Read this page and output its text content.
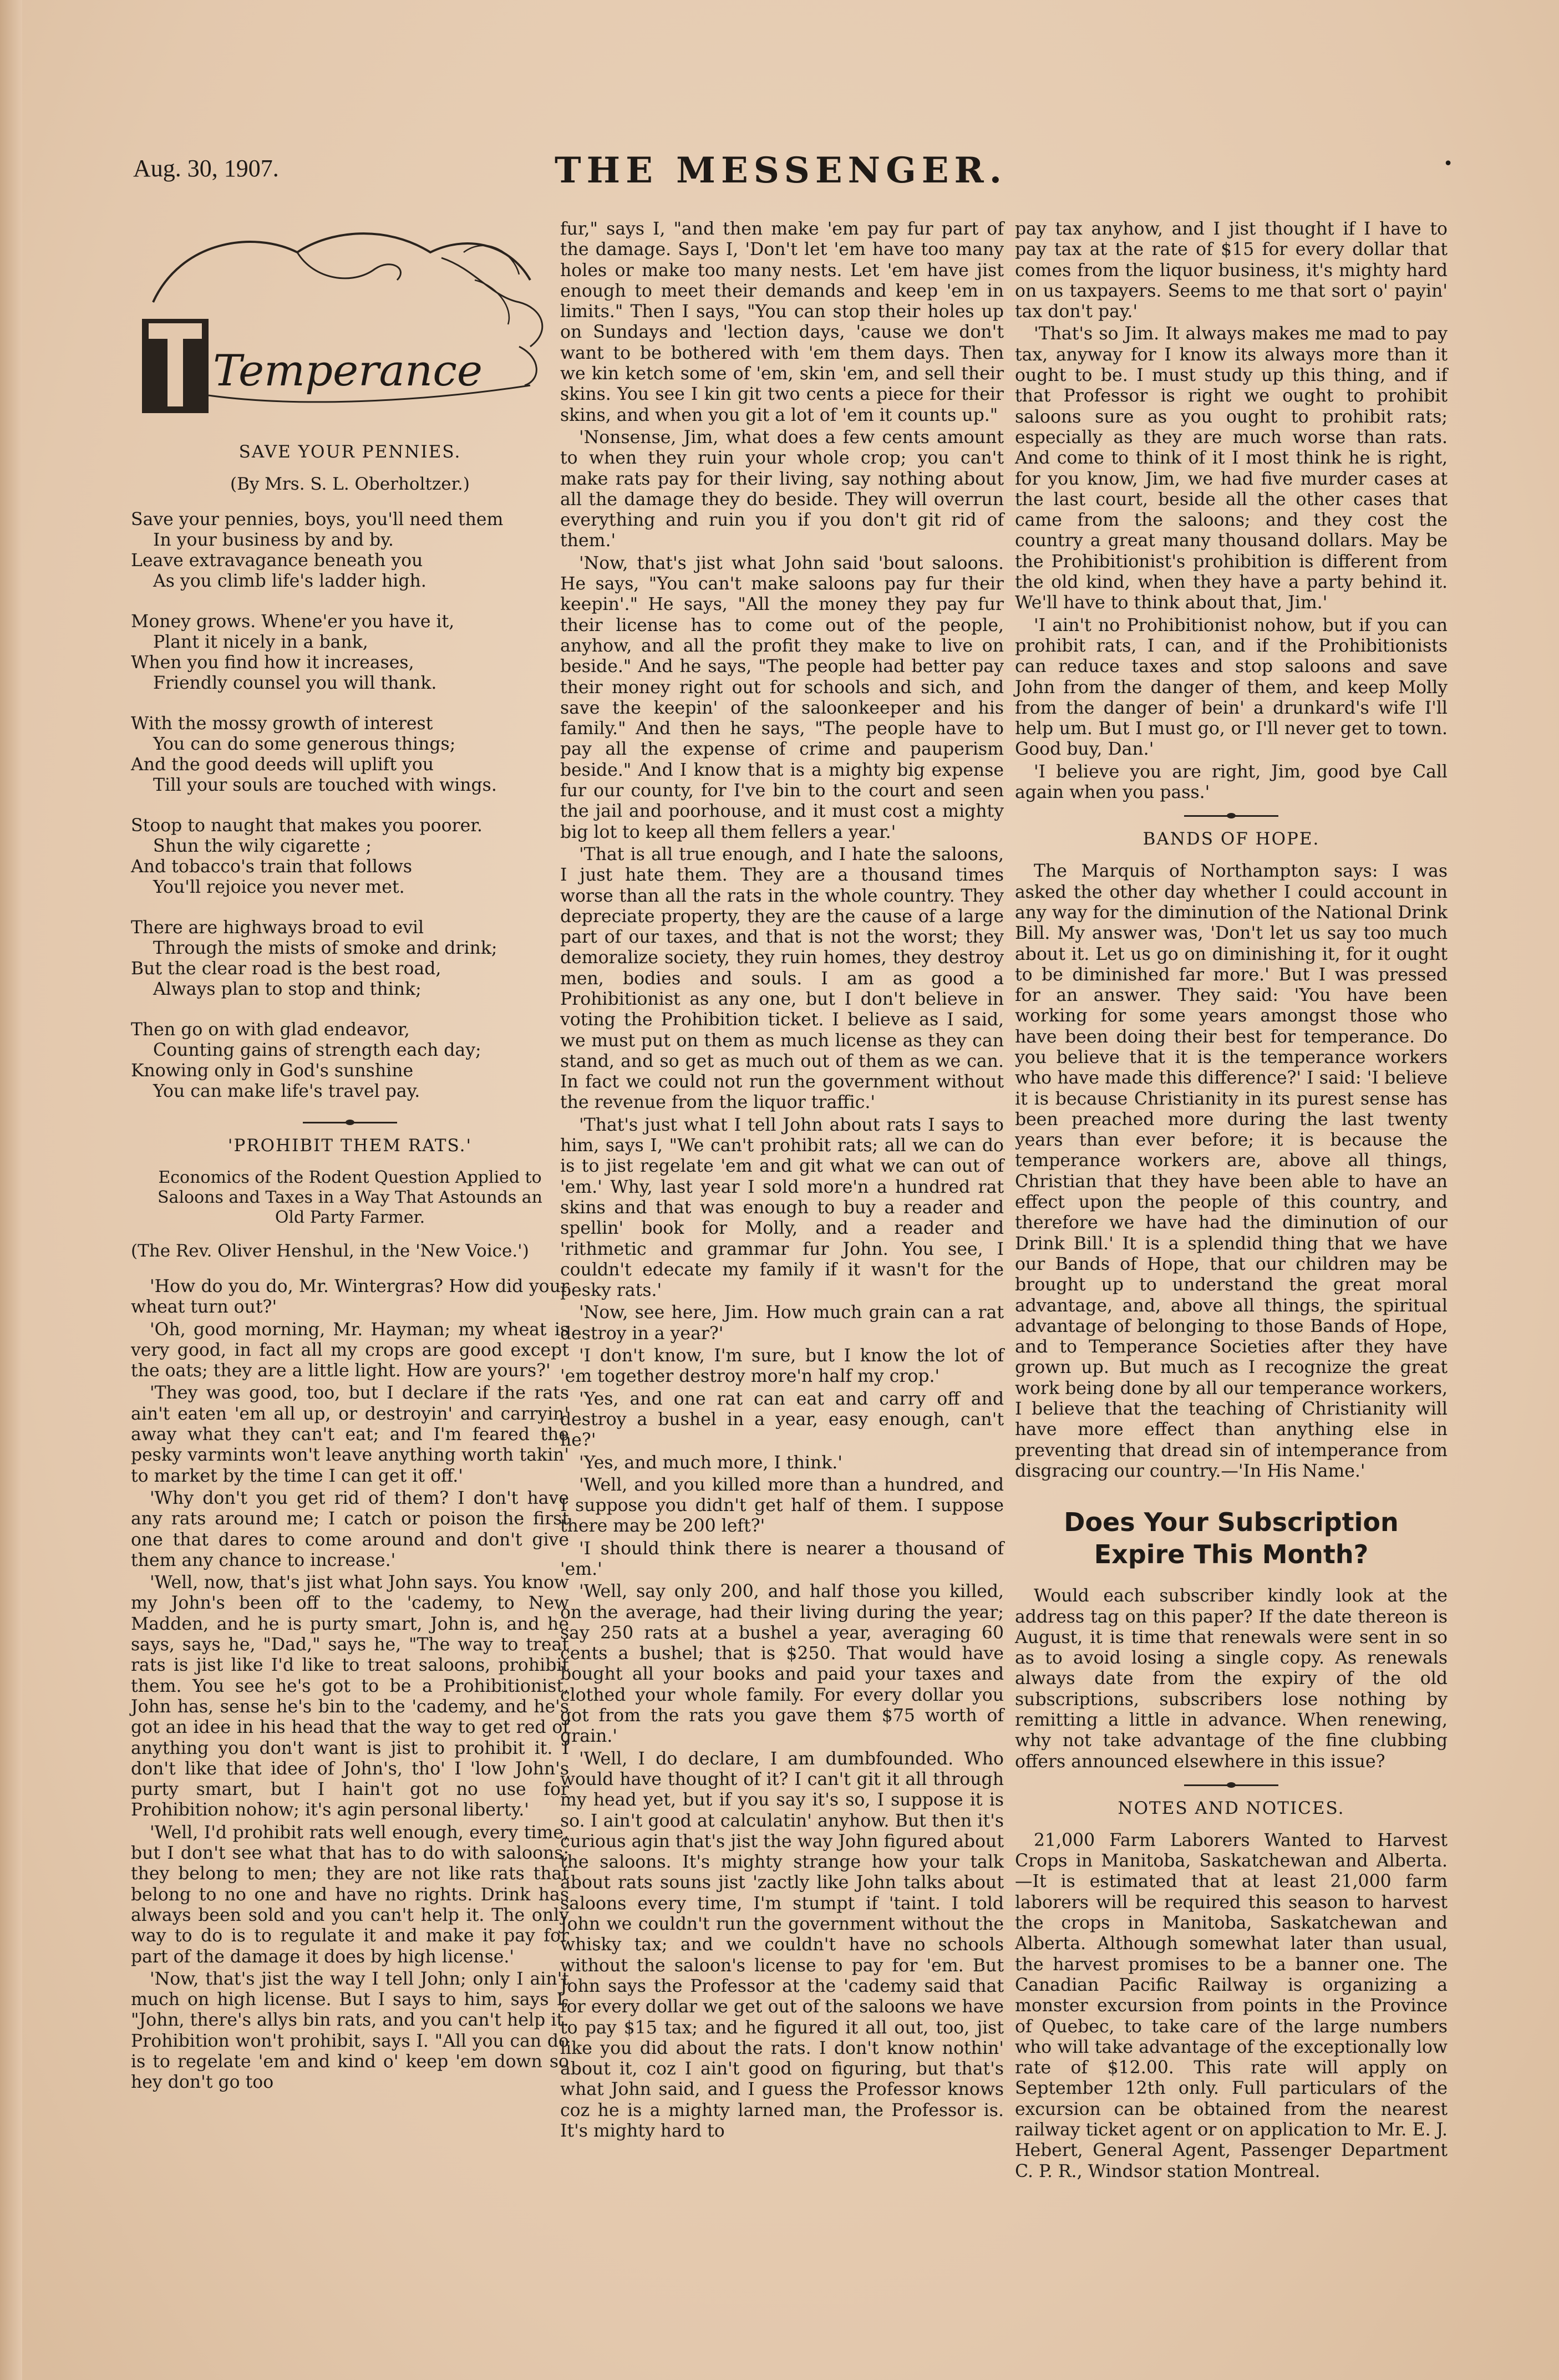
Aug. 30, 1907.	THE MESSENGER.	•
Temperance
SAVE YOUR PENNIES.
(By Mrs. S. L. Oberholtzer.)
Save your pennies, boys, you'll need them
In your business by and by.
Leave extravagance beneath you
As you climb life's ladder high.
Money grows. Whene'er you have it,
Plant it nicely in a bank,
When you find how it increases,
Friendly counsel you will thank.
With the mossy growth of interest
You can do some generous things;
And the good deeds will uplift you
Till your souls are touched with wings.
Stoop to naught that makes you poorer.
Shun the wily cigarette ;
And tobacco's train that follows
You'll rejoice you never met.
There are highways broad to evil
Through the mists of smoke and drink;
But the clear road is the best road,
Always plan to stop and think;
Then go on with glad endeavor,
Counting gains of strength each day;
Knowing only in God's sunshine
You can make life's travel pay.
'PROHIBIT THEM RATS.'
Economics of the Rodent Question Applied to Saloons and Taxes in a Way That Astounds an Old Party Farmer.
(The Rev. Oliver Henshul, in the 'New Voice.')

'How do you do, Mr. Wintergras? How did your wheat turn out?'

'Oh, good morning, Mr. Hayman; my wheat is very good, in fact all my crops are good except the oats; they are a little light. How are yours?'

'They was good, too, but I declare if the rats ain't eaten 'em all up, or destroyin' and carryin' away what they can't eat; and I'm feared the pesky varmints won't leave anything worth takin' to market by the time I can get it off.'

'Why don't you get rid of them? I don't have any rats around me; I catch or poison the first one that dares to come around and don't give them any chance to increase.'

'Well, now, that's jist what John says. You know my John's been off to the 'cademy, to New Madden, and he is purty smart, John is, and he says, says he, "Dad," says he, "The way to treat rats is jist like I'd like to treat saloons, prohibit them. You see he's got to be a Prohibitionist, John has, sense he's bin to the 'cademy, and he's got an idee in his head that the way to get red of anything you don't want is jist to prohibit it. I don't like that idee of John's, tho' I 'low John's purty smart, but I hain't got no use for Prohibition nohow; it's agin personal liberty.'

'Well, I'd prohibit rats well enough, every time, but I don't see what that has to do with saloons; they belong to men; they are not like rats that belong to no one and have no rights. Drink has always been sold and you can't help it. The only way to do is to regulate it and make it pay for part of the damage it does by high license.'

'Now, that's jist the way I tell John; only I ain't much on high license. But I says to him, says I, "John, there's allys bin rats, and you can't help it. Prohibition won't prohibit, says I. "All you can do is to regelate 'em and kind o' keep 'em down so hey don't go too

fur," says I, "and then make 'em pay fur part of the damage. Says I, 'Don't let 'em have too many holes or make too many nests. Let 'em have jist enough to meet their demands and keep 'em in limits." Then I says, "You can stop their holes up on Sundays and 'lection days, 'cause we don't want to be bothered with 'em them days. Then we kin ketch some of 'em, skin 'em, and sell their skins. You see I kin git two cents a piece for their skins, and when you git a lot of 'em it counts up."

'Nonsense, Jim, what does a few cents amount to when they ruin your whole crop; you can't make rats pay for their living, say nothing about all the damage they do beside. They will overrun everything and ruin you if you don't git rid of them.'

'Now, that's jist what John said 'bout saloons. He says, "You can't make saloons pay fur their keepin'." He says, "All the money they pay fur their license has to come out of the people, anyhow, and all the profit they make to live on beside." And he says, "The people had better pay their money right out for schools and sich, and save the keepin' of the saloonkeeper and his family." And then he says, "The people have to pay all the expense of crime and pauperism beside." And I know that is a mighty big expense fur our county, for I've bin to the court and seen the jail and poorhouse, and it must cost a mighty big lot to keep all them fellers a year.'

'That is all true enough, and I hate the saloons, I just hate them. They are a thousand times worse than all the rats in the whole country. They depreciate property, they are the cause of a large part of our taxes, and that is not the worst; they demoralize society, they ruin homes, they destroy men, bodies and souls. I am as good a Prohibitionist as any one, but I don't believe in voting the Prohibition ticket. I believe as I said, we must put on them as much license as they can stand, and so get as much out of them as we can. In fact we could not run the government without the revenue from the liquor traffic.'

'That's just what I tell John about rats I says to him, says I, "We can't prohibit rats; all we can do is to jist regelate 'em and git what we can out of 'em.' Why, last year I sold more'n a hundred rat skins and that was enough to buy a reader and spellin' book for Molly, and a reader and 'rithmetic and grammar fur John. You see, I couldn't edecate my family if it wasn't for the pesky rats.'

'Now, see here, Jim. How much grain can a rat destroy in a year?'

'I don't know, I'm sure, but I know the lot of 'em together destroy more'n half my crop.'

'Yes, and one rat can eat and carry off and destroy a bushel in a year, easy enough, can't he?'

'Yes, and much more, I think.'

'Well, and you killed more than a hundred, and I suppose you didn't get half of them. I suppose there may be 200 left?'

'I should think there is nearer a thousand of 'em.'

'Well, say only 200, and half those you killed, on the average, had their living during the year; say 250 rats at a bushel a year, averaging 60 cents a bushel; that is $250. That would have bought all your books and paid your taxes and clothed your whole family. For every dollar you got from the rats you gave them $75 worth of grain.'

'Well, I do declare, I am dumbfounded. Who would have thought of it? I can't git it all through my head yet, but if you say it's so, I suppose it is so. I ain't good at calculatin' anyhow. But then it's curious agin that's jist the way John figured about the saloons. It's mighty strange how your talk about rats souns jist 'zactly like John talks about saloons every time, I'm stumpt if 'taint. I told John we couldn't run the government without the whisky tax; and we couldn't have no schools without the saloon's license to pay for 'em. But John says the Professor at the 'cademy said that for every dollar we get out of the saloons we have to pay $15 tax; and he figured it all out, too, jist like you did about the rats. I don't know nothin' about it, coz I ain't good on figuring, but that's what John said, and I guess the Professor knows coz he is a mighty larned man, the Professor is. It's mighty hard to

pay tax anyhow, and I jist thought if I have to pay tax at the rate of $15 for every dollar that comes from the liquor business, it's mighty hard on us taxpayers. Seems to me that sort o' payin' tax don't pay.'

'That's so Jim. It always makes me mad to pay tax, anyway for I know its always more than it ought to be. I must study up this thing, and if that Professor is right we ought to prohibit saloons sure as you ought to prohibit rats; especially as they are much worse than rats. And come to think of it I most think he is right, for you know, Jim, we had five murder cases at the last court, beside all the other cases that came from the saloons; and they cost the country a great many thousand dollars. May be the Prohibitionist's prohibition is different from the old kind, when they have a party behind it. We'll have to think about that, Jim.'

'I ain't no Prohibitionist nohow, but if you can prohibit rats, I can, and if the Prohibitionists can reduce taxes and stop saloons and save John from the danger of them, and keep Molly from the danger of bein' a drunkard's wife I'll help um. But I must go, or I'll never get to town. Good buy, Dan.'

'I believe you are right, Jim, good bye Call again when you pass.'

BANDS OF HOPE.

The Marquis of Northampton says: I was asked the other day whether I could account in any way for the diminution of the National Drink Bill. My answer was, 'Don't let us say too much about it. Let us go on diminishing it, for it ought to be diminished far more.' But I was pressed for an answer. They said: 'You have been working for some years amongst those who have been doing their best for temperance. Do you believe that it is the temperance workers who have made this difference?' I said: 'I believe it is because Christianity in its purest sense has been preached more during the last twenty years than ever before; it is because the temperance workers are, above all things, Christian that they have been able to have an effect upon the people of this country, and therefore we have had the diminution of our Drink Bill.' It is a splendid thing that we have our Bands of Hope, that our children may be brought up to understand the great moral advantage, and, above all things, the spiritual advantage of belonging to those Bands of Hope, and to Temperance Societies after they have grown up. But much as I recognize the great work being done by all our temperance workers, I believe that the teaching of Christianity will have more effect than anything else in preventing that dread sin of intemperance from disgracing our country.—'In His Name.'

Does Your Subscription Expire This Month?

Would each subscriber kindly look at the address tag on this paper? If the date thereon is August, it is time that renewals were sent in so as to avoid losing a single copy. As renewals always date from the expiry of the old subscriptions, subscribers lose nothing by remitting a little in advance. When renewing, why not take advantage of the fine clubbing offers announced elsewhere in this issue?

NOTES AND NOTICES.

21,000 Farm Laborers Wanted to Harvest Crops in Manitoba, Saskatchewan and Alberta. —It is estimated that at least 21,000 farm laborers will be required this season to harvest the crops in Manitoba, Saskatchewan and Alberta. Although somewhat later than usual, the harvest promises to be a banner one. The Canadian Pacific Railway is organizing a monster excursion from points in the Province of Quebec, to take care of the large numbers who will take advantage of the exceptionally low rate of $12.00. This rate will apply on September 12th only. Full particulars of the excursion can be obtained from the nearest railway ticket agent or on application to Mr. E. J. Hebert, General Agent, Passenger Department C. P. R., Windsor station Montreal.
